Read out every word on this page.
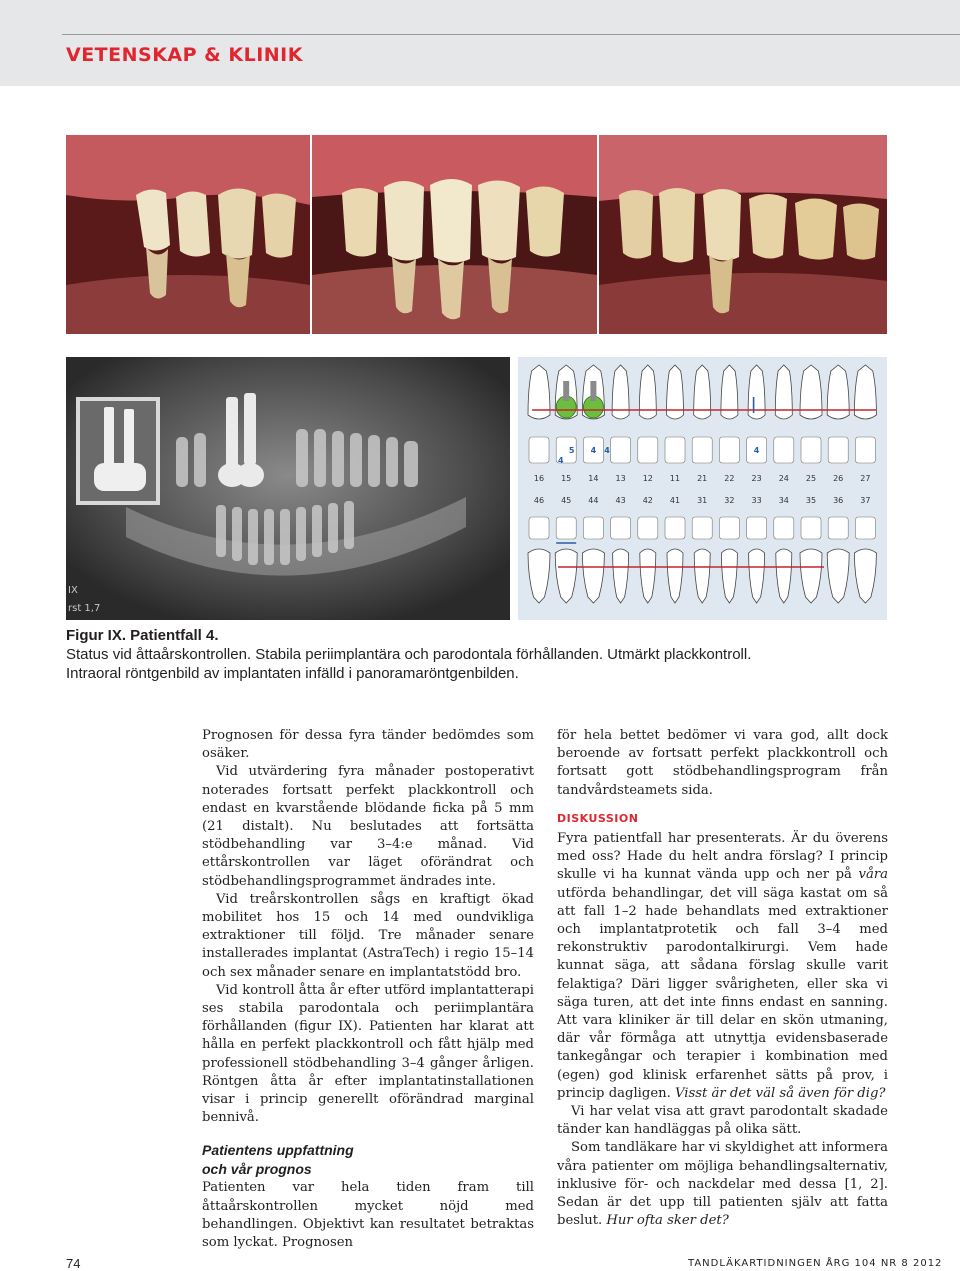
VETENSKAP & KLINIK
IX
rst 1,7
16
46
15
45
14
44
13
43
12
42
11
41
21
31
22
32
23
33
24
34
25
35
26
36
27
37
4
5 4 4	4
Figur IX. Patientfall 4.
Status vid åttaårskontrollen. Stabila periimplantära och parodontala förhållanden. Utmärkt plackkontroll.
Intraoral röntgenbild av implantaten infälld i panoramaröntgenbilden.

Prognosen för dessa fyra tänder bedömdes som osäker.

Vid utvärdering fyra månader postoperativt noterades fortsatt perfekt plackkontroll och endast en kvarstående blödande ficka på 5 mm (21 distalt). Nu beslutades att fortsätta stödbehandling var 3–4:e månad. Vid ettårskontrollen var läget oförändrat och stödbehandlingsprogrammet ändrades inte.

Vid treårskontrollen sågs en kraftigt ökad mobilitet hos 15 och 14 med oundvikliga extraktioner till följd. Tre månader senare installerades implantat (AstraTech) i regio 15–14 och sex månader senare en implantatstödd bro.

Vid kontroll åtta år efter utförd implantatterapi ses stabila parodontala och periimplantära förhållanden (figur IX). Patienten har klarat att hålla en perfekt plackkontroll och fått hjälp med professionell stödbehandling 3–4 gånger årligen. Röntgen åtta år efter implantatinstallationen visar i princip generellt oförändrad marginal bennivå.

Patientens uppfattning
och vår prognos

Patienten var hela tiden fram till åttaårskontrollen mycket nöjd med behandlingen. Objektivt kan resultatet betraktas som lyckat. Prognosen

för hela bettet bedömer vi vara god, allt dock beroende av fortsatt perfekt plackkontroll och fortsatt gott stödbehandlingsprogram från tandvårdsteamets sida.

DISKUSSION

Fyra patientfall har presenterats. Är du överens med oss? Hade du helt andra förslag? I princip skulle vi ha kunnat vända upp och ner på våra utförda behandlingar, det vill säga kastat om så att fall 1–2 hade behandlats med extraktioner och implantatprotetik och fall 3–4 med rekonstruktiv parodontalkirurgi. Vem hade kunnat säga, att sådana förslag skulle varit felaktiga? Däri ligger svårigheten, eller ska vi säga turen, att det inte finns endast en sanning. Att vara kliniker är till delar en skön utmaning, där vår förmåga att utnyttja evidensbaserade tankegångar och terapier i kombination med (egen) god klinisk erfarenhet sätts på prov, i princip dagligen. Visst är det väl så även för dig?

Vi har velat visa att gravt parodontalt skadade tänder kan handläggas på olika sätt.

Som tandläkare har vi skyldighet att informera våra patienter om möjliga behandlingsalternativ, inklusive för- och nackdelar med dessa [1, 2]. Sedan är det upp till patienten själv att fatta beslut. Hur ofta sker det?

74	TANDLÄKARTIDNINGEN ÅRG 104 NR 8 2012
